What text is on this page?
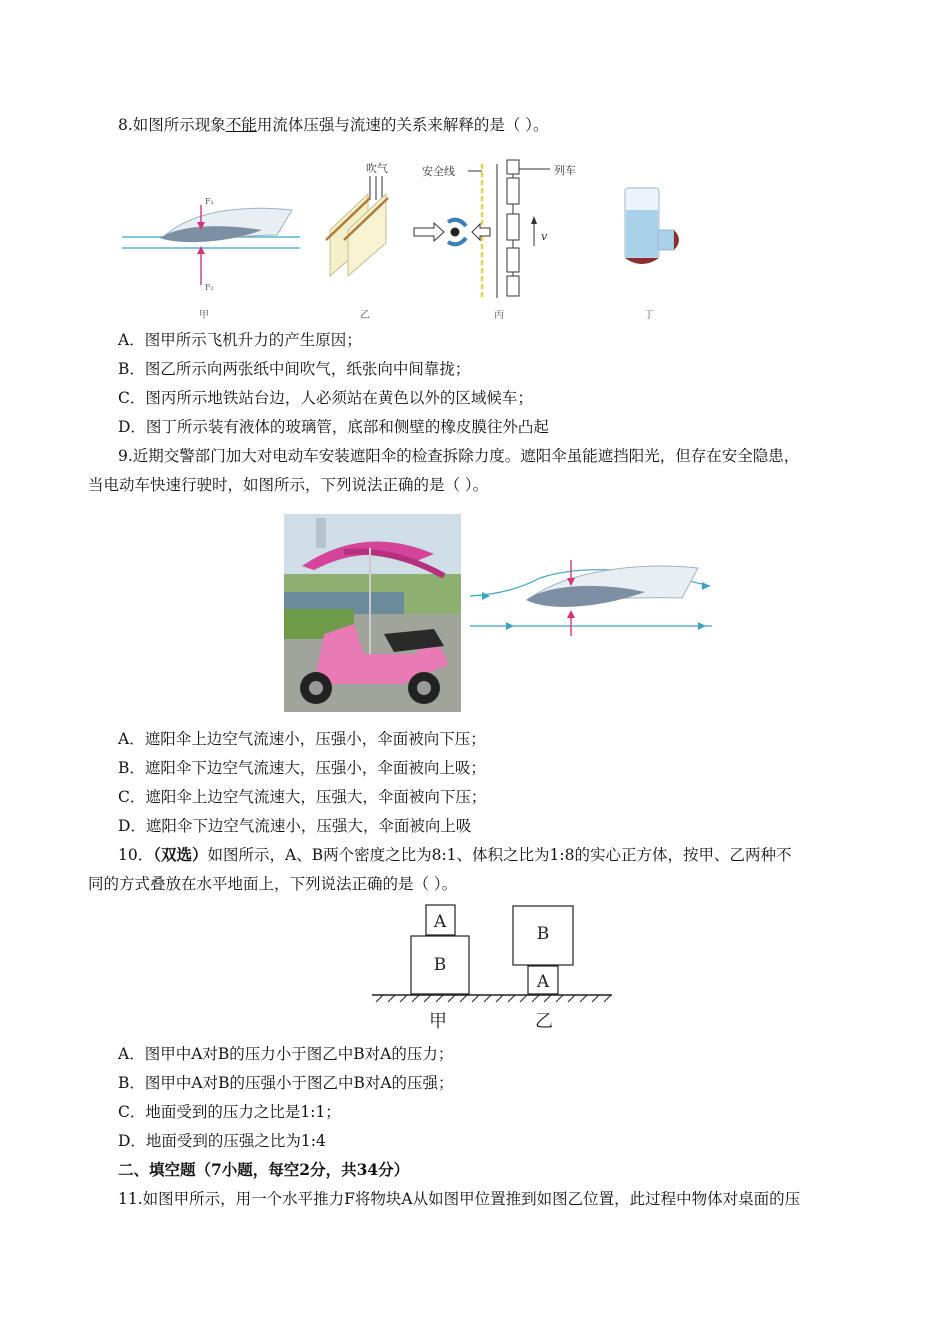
8.如图所示现象不能用流体压强与流速的关系来解释的是（ ）。
F₁
F₂
甲
吹气
乙
安全线	列车
v
丙	丁
A．图甲所示飞机升力的产生原因；
B．图乙所示向两张纸中间吹气，纸张向中间靠拢；
C．图丙所示地铁站台边，人必须站在黄色以外的区域候车；
D．图丁所示装有液体的玻璃管，底部和侧壁的橡皮膜往外凸起
9.近期交警部门加大对电动车安装遮阳伞的检查拆除力度。遮阳伞虽能遮挡阳光，但存在安全隐患，
当电动车快速行驶时，如图所示，下列说法正确的是（ ）。
A．遮阳伞上边空气流速小，压强小，伞面被向下压；
B．遮阳伞下边空气流速大，压强小，伞面被向上吸；
C．遮阳伞上边空气流速大，压强大，伞面被向下压；
D．遮阳伞下边空气流速小，压强大，伞面被向上吸
10．（双选）如图所示，A、B两个密度之比为8:1、体积之比为1:8的实心正方体，按甲、乙两种不
同的方式叠放在水平地面上，下列说法正确的是（ ）。
A
B
B
A
甲	乙
A．图甲中A对B的压力小于图乙中B对A的压力；
B．图甲中A对B的压强小于图乙中B对A的压强；
C．地面受到的压力之比是1:1；
D．地面受到的压强之比为1:4
二、填空题（7小题，每空2分，共34分）
11.如图甲所示，用一个水平推力F将物块A从如图甲位置推到如图乙位置，此过程中物体对桌面的压
